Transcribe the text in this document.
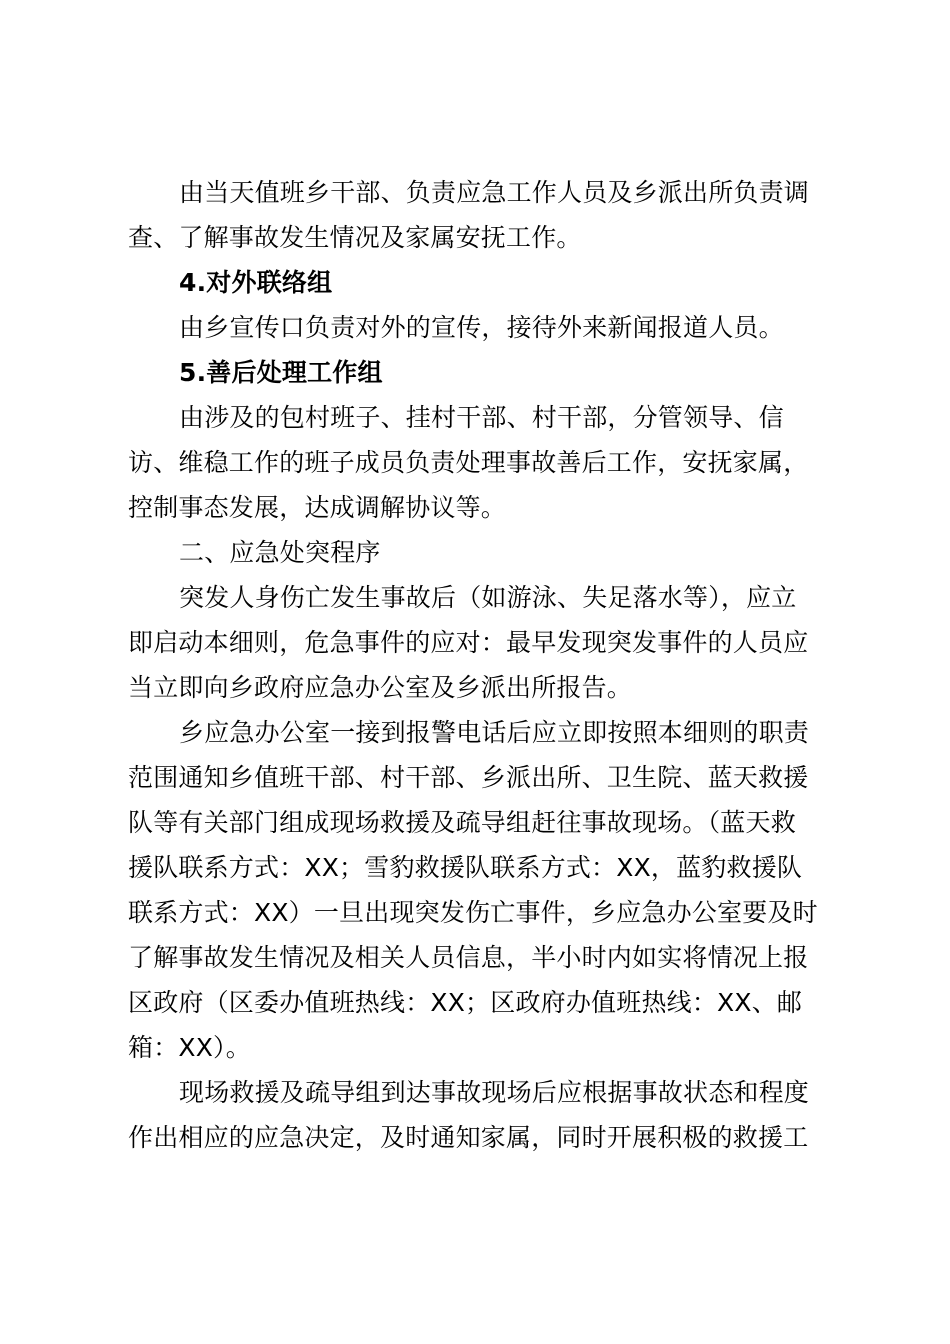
由当天值班乡干部、负责应急工作人员及乡派出所负责调
查、了解事故发生情况及家属安抚工作。
4.对外联络组
由乡宣传口负责对外的宣传，接待外来新闻报道人员。
5.善后处理工作组
由涉及的包村班子、挂村干部、村干部，分管领导、信
访、维稳工作的班子成员负责处理事故善后工作，安抚家属，
控制事态发展，达成调解协议等。
二、应急处突程序
突发人身伤亡发生事故后（如游泳、失足落水等），应立
即启动本细则，危急事件的应对：最早发现突发事件的人员应
当立即向乡政府应急办公室及乡派出所报告。
乡应急办公室一接到报警电话后应立即按照本细则的职责
范围通知乡值班干部、村干部、乡派出所、卫生院、蓝天救援
队等有关部门组成现场救援及疏导组赶往事故现场。（蓝天救
援队联系方式：XX；雪豹救援队联系方式：XX，蓝豹救援队
联系方式：XX）一旦出现突发伤亡事件，乡应急办公室要及时
了解事故发生情况及相关人员信息，半小时内如实将情况上报
区政府（区委办值班热线：XX；区政府办值班热线：XX、邮
箱：XX）。
现场救援及疏导组到达事故现场后应根据事故状态和程度
作出相应的应急决定，及时通知家属，同时开展积极的救援工
